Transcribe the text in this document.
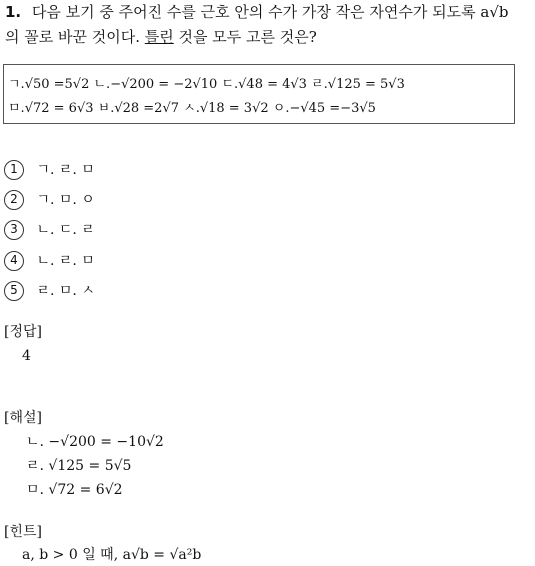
1. 다음 보기 중 주어진 수를 근호 안의 수가 가장 작은 자연수가 되도록 a√b
의 꼴로 바꾼 것이다. 틀린 것을 모두 고른 것은?
ㄱ.√50 =5√2 ㄴ.−√200 = −2√10 ㄷ.√48 = 4√3 ㄹ.√125 = 5√3
ㅁ.√72 = 6√3 ㅂ.√28 =2√7 ㅅ.√18 = 3√2 ㅇ.−√45 =−3√5
1 ㄱ. ㄹ. ㅁ
2 ㄱ. ㅁ. ㅇ
3 ㄴ. ㄷ. ㄹ
4 ㄴ. ㄹ. ㅁ
5 ㄹ. ㅁ. ㅅ
[정답]
4
[해설]
ㄴ. −√200 = −10√2
ㄹ. √125 = 5√5
ㅁ. √72 = 6√2
[힌트]
a, b > 0 일 때, a√b = √a²b
